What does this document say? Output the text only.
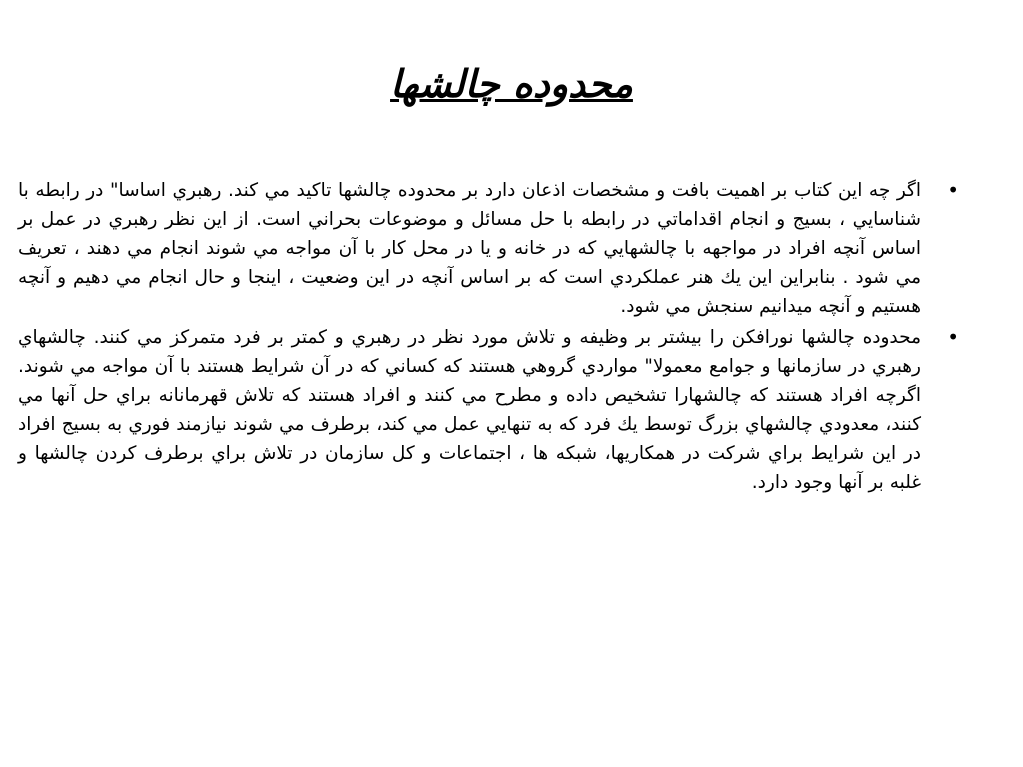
محدوده چالشها
•
اگر چه اين كتاب بر اهميت بافت و مشخصات اذعان دارد بر محدوده چالشها تاكيد مي كند. رهبري اساسا" در رابطه با شناسايي ، بسيج و انجام اقداماتي در رابطه با حل مسائل و موضوعات بحراني است. از اين نظر رهبري در عمل بر اساس آنچه افراد در مواجهه با چالشهايي كه در خانه و يا در محل كار با آن مواجه مي شوند انجام مي دهند ، تعريف مي شود . بنابراين اين يك هنر عملكردي است كه بر اساس آنچه در اين وضعيت ، اينجا و حال انجام مي دهيم و آنچه هستيم و آنچه ميدانيم سنجش مي شود.
•
محدوده چالشها نورافكن را بيشتر بر وظيفه و تلاش مورد نظر در رهبري و كمتر بر فرد متمركز مي كنند. چالشهاي رهبري در سازمانها و جوامع معمولا" مواردي گروهي هستند كه كساني كه در آن شرايط هستند با آن مواجه مي شوند. اگرچه افراد هستند كه چالشهارا تشخيص داده و مطرح مي كنند و افراد هستند كه تلاش قهرمانانه براي حل آنها مي كنند، معدودي چالشهاي بزرگ توسط يك فرد كه به تنهايي عمل مي كند، برطرف مي شوند نيازمند فوري به بسيج افراد در اين شرايط براي شركت در همكاريها، شبكه ها ، اجتماعات و كل سازمان در تلاش براي برطرف كردن چالشها و غلبه بر آنها وجود دارد.
